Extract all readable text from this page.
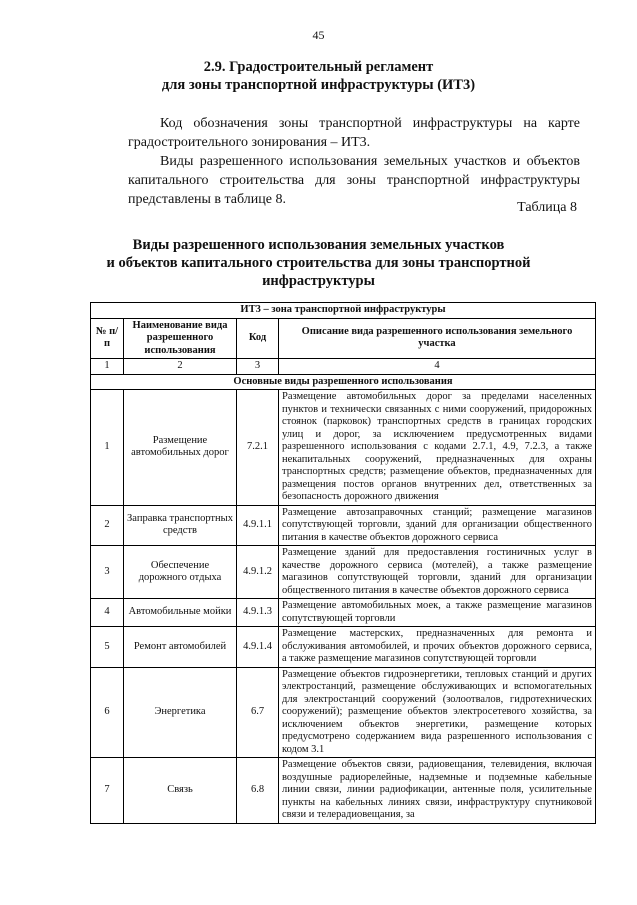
45
2.9. Градостроительный регламент
для зоны транспортной инфраструктуры (ИТ3)
Код обозначения зоны транспортной инфраструктуры на карте градостроительного зонирования – ИТ3.
Виды разрешенного использования земельных участков и объектов капитального строительства для зоны транспортной инфраструктуры представлены в таблице 8.
Таблица 8
Виды разрешенного использования земельных участков
и объектов капитального строительства для зоны транспортной
инфраструктуры
ИТ3 – зона транспортной инфраструктуры			
№ п/п	Наименование вида разрешенного использования	Код	Описание вида разрешенного использования земельного участка
1	2	3	4
Основные виды разрешенного использования			
1	Размещение автомобильных дорог	7.2.1	Размещение автомобильных дорог за пределами населенных пунктов и технически связанных с ними сооружений, придорожных стоянок (парковок) транспортных средств в границах городских улиц и дорог, за исключением предусмотренных видами разрешенного использования с кодами 2.7.1, 4.9, 7.2.3, а также некапитальных сооружений, предназначенных для охраны транспортных средств; размещение объектов, предназначенных для размещения постов органов внутренних дел, ответственных за безопасность дорожного движения
2	Заправка транспортных средств	4.9.1.1	Размещение автозаправочных станций; размещение магазинов сопутствующей торговли, зданий для организации общественного питания в качестве объектов дорожного сервиса
3	Обеспечение дорожного отдыха	4.9.1.2	Размещение зданий для предоставления гостиничных услуг в качестве дорожного сервиса (мотелей), а также размещение магазинов сопутствующей торговли, зданий для организации общественного питания в качестве объектов дорожного сервиса
4	Автомобильные мойки	4.9.1.3	Размещение автомобильных моек, а также размещение магазинов сопутствующей торговли
5	Ремонт автомобилей	4.9.1.4	Размещение мастерских, предназначенных для ремонта и обслуживания автомобилей, и прочих объектов дорожного сервиса, а также размещение магазинов сопутствующей торговли
6	Энергетика	6.7	Размещение объектов гидроэнергетики, тепловых станций и других электростанций, размещение обслуживающих и вспомогательных для электростанций сооружений (золоотвалов, гидротехнических сооружений); размещение объектов электросетевого хозяйства, за исключением объектов энергетики, размещение которых предусмотрено содержанием вида разрешенного использования с кодом 3.1
7	Связь	6.8	Размещение объектов связи, радиовещания, телевидения, включая воздушные радиорелейные, надземные и подземные кабельные линии связи, линии радиофикации, антенные поля, усилительные пункты на кабельных линиях связи, инфраструктуру спутниковой связи и телерадиовещания, за
